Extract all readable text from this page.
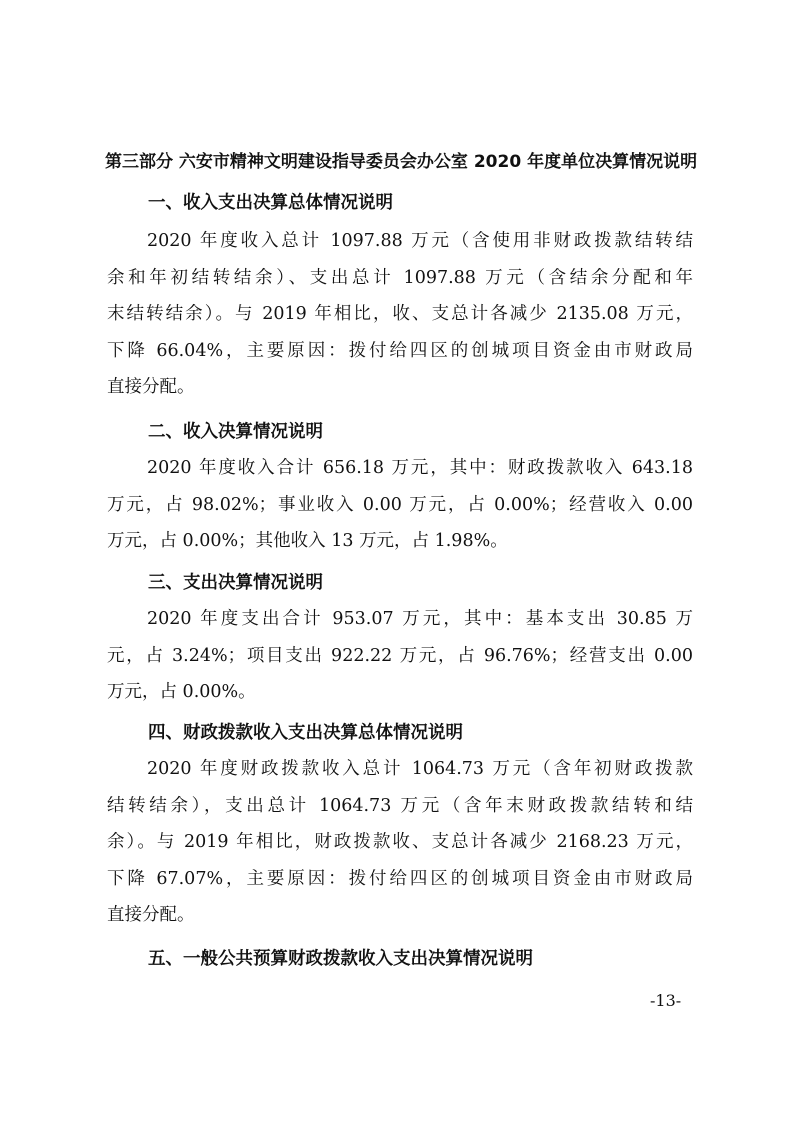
第三部分 六安市精神文明建设指导委员会办公室 2020 年度单位决算情况说明
一、收入支出决算总体情况说明
2020 年度收入总计 1097.88 万元（含使用非财政拨款结转结
余和年初结转结余）、支出总计 1097.88 万元（含结余分配和年
末结转结余）。与 2019 年相比，收、支总计各减少 2135.08 万元，
下降 66.04%，主要原因：拨付给四区的创城项目资金由市财政局
直接分配。
二、收入决算情况说明
2020 年度收入合计 656.18 万元，其中：财政拨款收入 643.18
万元，占 98.02%；事业收入 0.00 万元，占 0.00%；经营收入 0.00
万元，占 0.00%；其他收入 13 万元，占 1.98%。
三、支出决算情况说明
2020 年度支出合计 953.07 万元，其中：基本支出 30.85 万
元，占 3.24%；项目支出 922.22 万元，占 96.76%；经营支出 0.00
万元，占 0.00%。
四、财政拨款收入支出决算总体情况说明
2020 年度财政拨款收入总计 1064.73 万元（含年初财政拨款
结转结余），支出总计 1064.73 万元（含年末财政拨款结转和结
余）。与 2019 年相比，财政拨款收、支总计各减少 2168.23 万元，
下降 67.07%，主要原因：拨付给四区的创城项目资金由市财政局
直接分配。
五、一般公共预算财政拨款收入支出决算情况说明
-13-
